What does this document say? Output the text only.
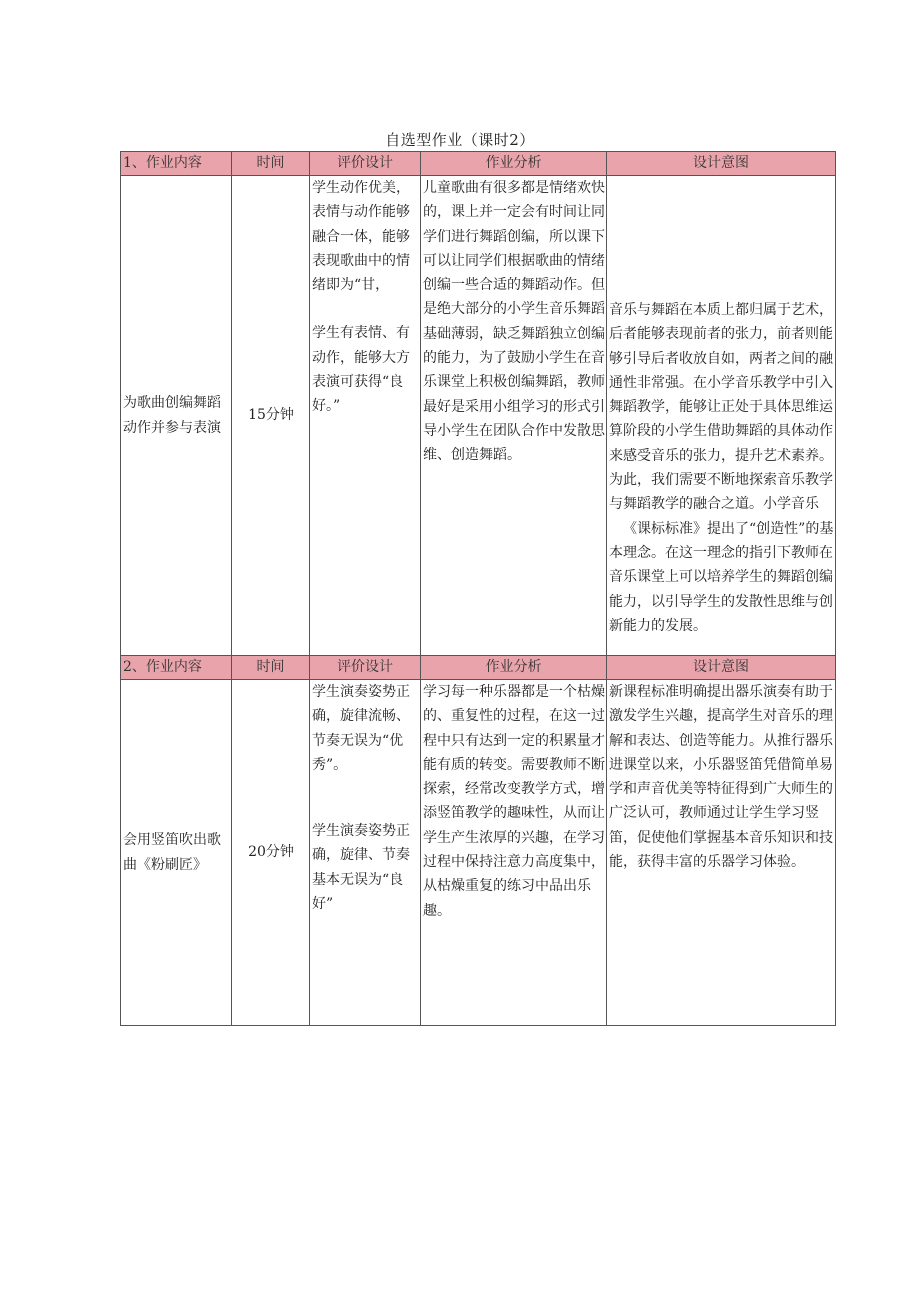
自选型作业（课时2）
1、作业内容	时间	评价设计	作业分析	设计意图
为歌曲创编舞蹈动作并参与表演	15分钟	学生动作优美，表情与动作能够融合一体，能够表现歌曲中的情绪即为“甘，
学生有表情、有动作，能够大方表演可获得“良好。”	儿童歌曲有很多都是情绪欢快的，课上并一定会有时间让同学们进行舞蹈创编，所以课下可以让同学们根据歌曲的情绪创编一些合适的舞蹈动作。但是绝大部分的小学生音乐舞蹈基础薄弱，缺乏舞蹈独立创编的能力，为了鼓励小学生在音乐课堂上积极创编舞蹈，教师最好是采用小组学习的形式引导小学生在团队合作中发散思维、创造舞蹈。	音乐与舞蹈在本质上都归属于艺术，后者能够表现前者的张力，前者则能够引导后者收放自如，两者之间的融通性非常强。在小学音乐教学中引入舞蹈教学，能够让正处于具体思维运算阶段的小学生借助舞蹈的具体动作来感受音乐的张力，提升艺术素养。为此，我们需要不断地探索音乐教学与舞蹈教学的融合之道。小学音乐
《课标标准》提出了“创造性”的基本理念。在这一理念的指引下教师在音乐课堂上可以培养学生的舞蹈创编能力，以引导学生的发散性思维与创新能力的发展。
2、作业内容	时间	评价设计	作业分析	设计意图
会用竖笛吹出歌曲《粉刷匠》	20分钟	学生演奏姿势正确，旋律流畅、节奏无误为“优秀”。
学生演奏姿势正确，旋律、节奏基本无误为“良好”	学习每一种乐器都是一个枯燥的、重复性的过程，在这一过程中只有达到一定的积累量才能有质的转变。需要教师不断探索，经常改变教学方式，增添竖笛教学的趣味性，从而让学生产生浓厚的兴趣，在学习过程中保持注意力高度集中，从枯燥重复的练习中品出乐趣。	新课程标准明确提出器乐演奏有助于激发学生兴趣，提高学生对音乐的理解和表达、创造等能力。从推行器乐进课堂以来，小乐器竖笛凭借简单易学和声音优美等特征得到广大师生的广泛认可，教师通过让学生学习竖笛，促使他们掌握基本音乐知识和技能，获得丰富的乐器学习体验。
